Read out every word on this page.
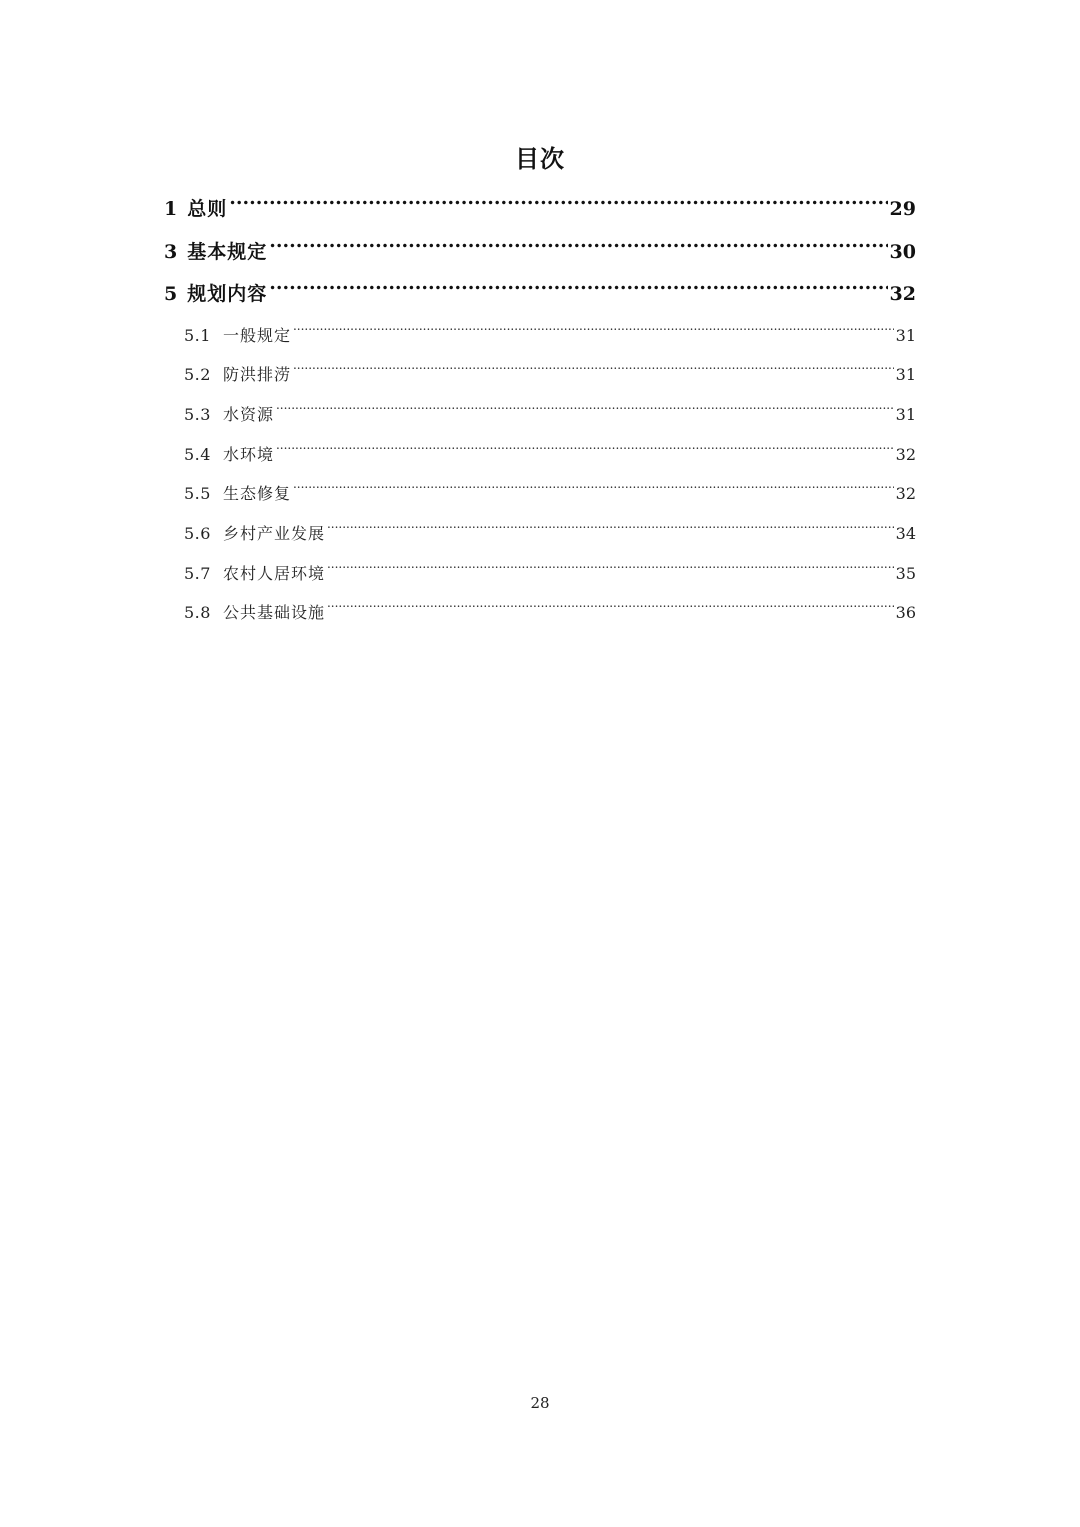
目次
1 总则 .....	29
3 基本规定 .....	30
5 规划内容 .....	32
5.1 一般规定 .....	31
5.2 防洪排涝 .....	31
5.3 水资源 .....	31
5.4 水环境 .....	32
5.5 生态修复 .....	32
5.6 乡村产业发展 .....	34
5.7 农村人居环境 .....	35
5.8 公共基础设施 .....	36
28
